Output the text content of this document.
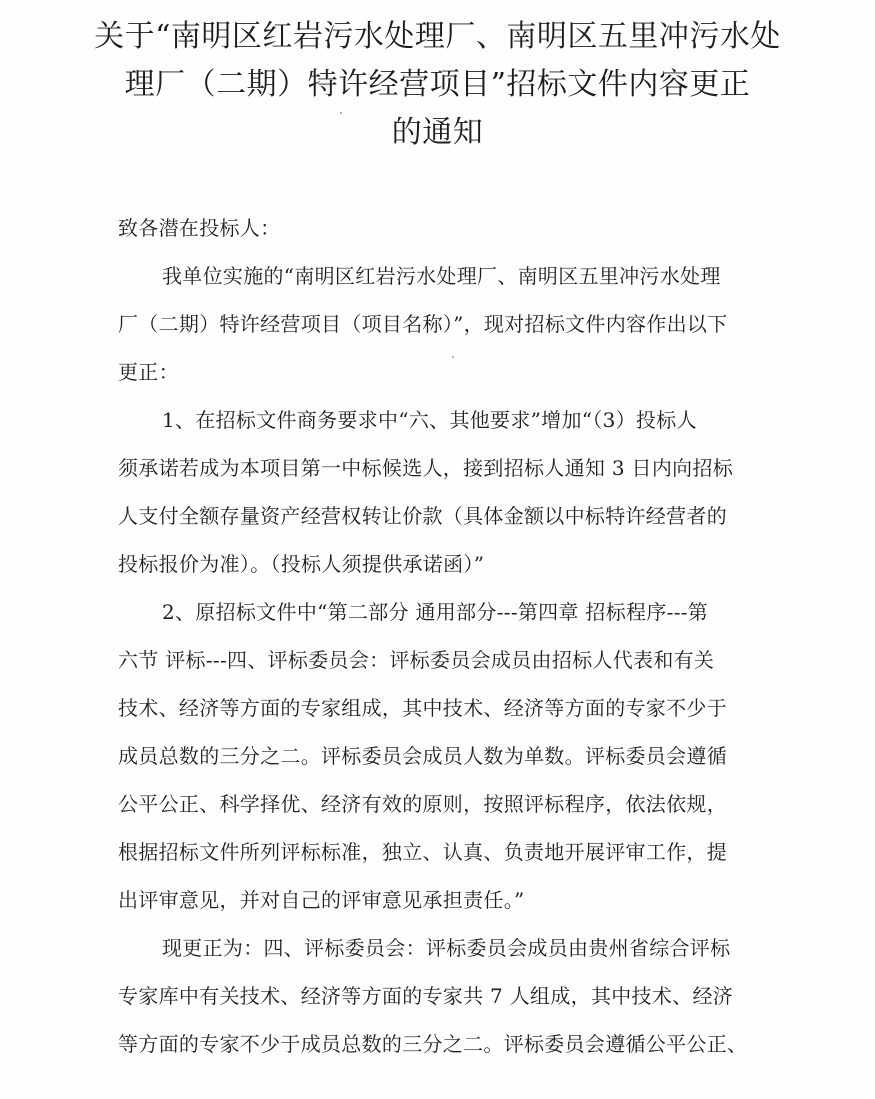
关于“南明区红岩污水处理厂、南明区五里冲污水处
理厂（二期）特许经营项目”招标文件内容更正
的通知
致各潜在投标人：
我单位实施的“南明区红岩污水处理厂、南明区五里冲污水处理
厂（二期）特许经营项目（项目名称）”，现对招标文件内容作出以下
更正：
1、在招标文件商务要求中“六、其他要求”增加“（3）投标人
须承诺若成为本项目第一中标候选人，接到招标人通知 3 日内向招标
人支付全额存量资产经营权转让价款（具体金额以中标特许经营者的
投标报价为准）。（投标人须提供承诺函）”
2、原招标文件中“第二部分 通用部分---第四章 招标程序---第
六节 评标---四、评标委员会：评标委员会成员由招标人代表和有关
技术、经济等方面的专家组成，其中技术、经济等方面的专家不少于
成员总数的三分之二。评标委员会成员人数为单数。评标委员会遵循
公平公正、科学择优、经济有效的原则，按照评标程序，依法依规，
根据招标文件所列评标标准，独立、认真、负责地开展评审工作，提
出评审意见，并对自己的评审意见承担责任。”
现更正为：四、评标委员会：评标委员会成员由贵州省综合评标
专家库中有关技术、经济等方面的专家共 7 人组成，其中技术、经济
等方面的专家不少于成员总数的三分之二。评标委员会遵循公平公正、
